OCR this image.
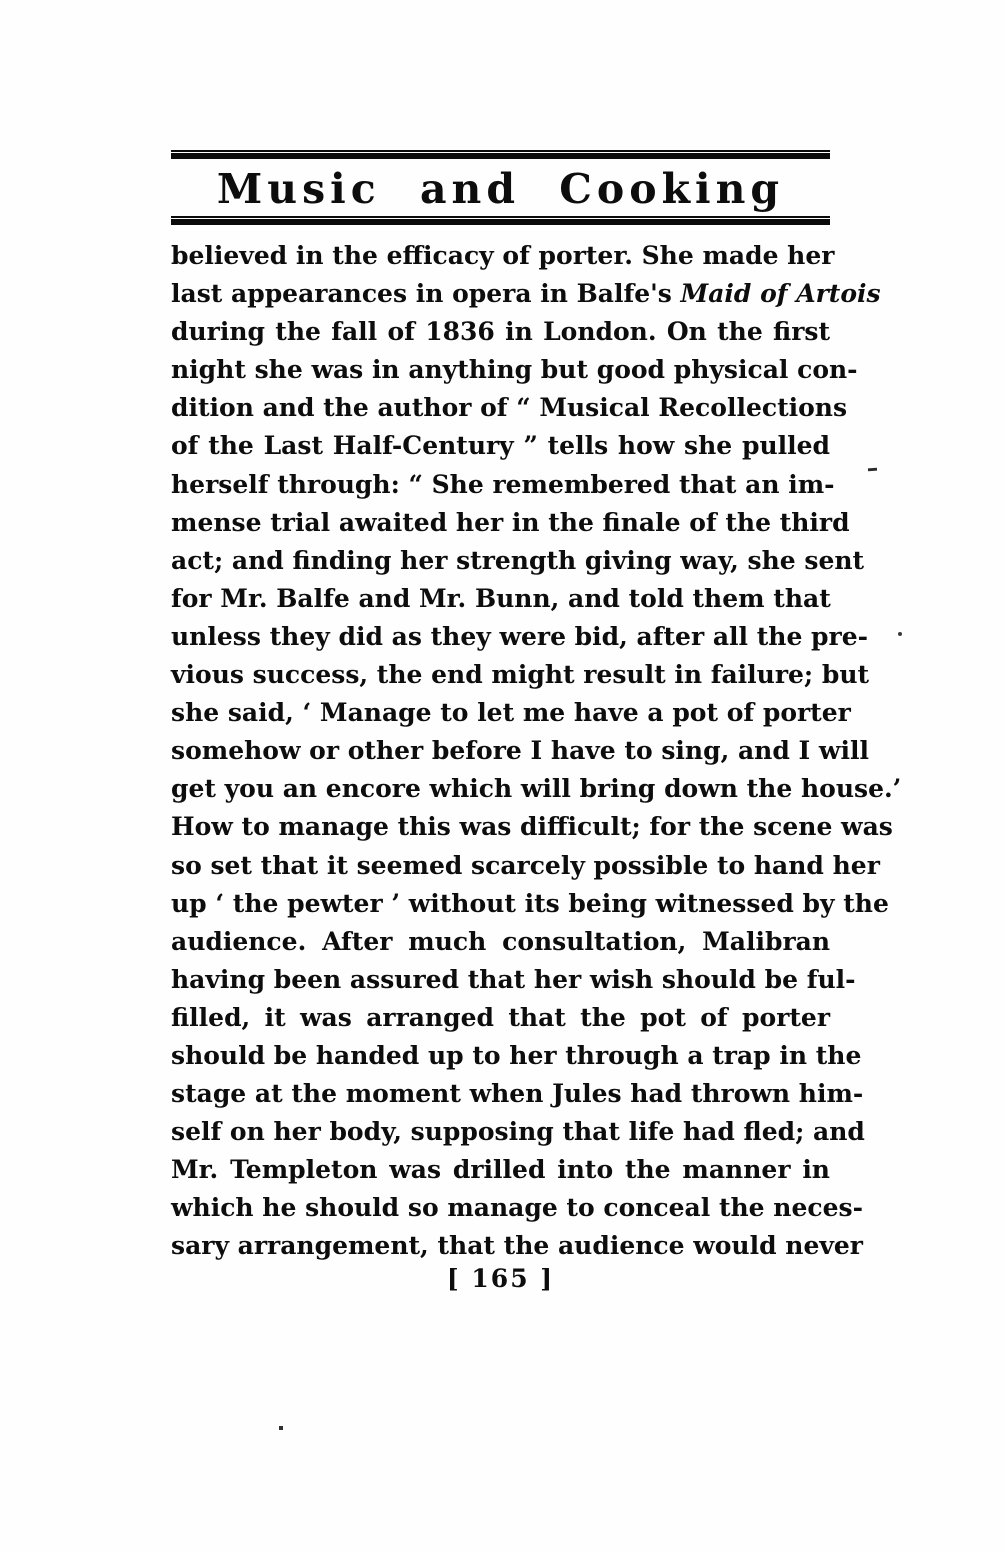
Music and Cooking
believed in the efficacy of porter. She made her
last appearances in opera in Balfe's Maid of Artois
during the fall of 1836 in London. On the first
night she was in anything but good physical con-
dition and the author of “ Musical Recollections
of the Last Half-Century ” tells how she pulled
herself through: “ She remembered that an im-
mense trial awaited her in the finale of the third
act; and finding her strength giving way, she sent
for Mr. Balfe and Mr. Bunn, and told them that
unless they did as they were bid, after all the pre-
vious success, the end might result in failure; but
she said, ‘ Manage to let me have a pot of porter
somehow or other before I have to sing, and I will
get you an encore which will bring down the house.’
How to manage this was difficult; for the scene was
so set that it seemed scarcely possible to hand her
up ‘ the pewter ’ without its being witnessed by the
audience. After much consultation, Malibran
having been assured that her wish should be ful-
filled, it was arranged that the pot of porter
should be handed up to her through a trap in the
stage at the moment when Jules had thrown him-
self on her body, supposing that life had fled; and
Mr. Templeton was drilled into the manner in
which he should so manage to conceal the neces-
sary arrangement, that the audience would never
[ 165 ]
